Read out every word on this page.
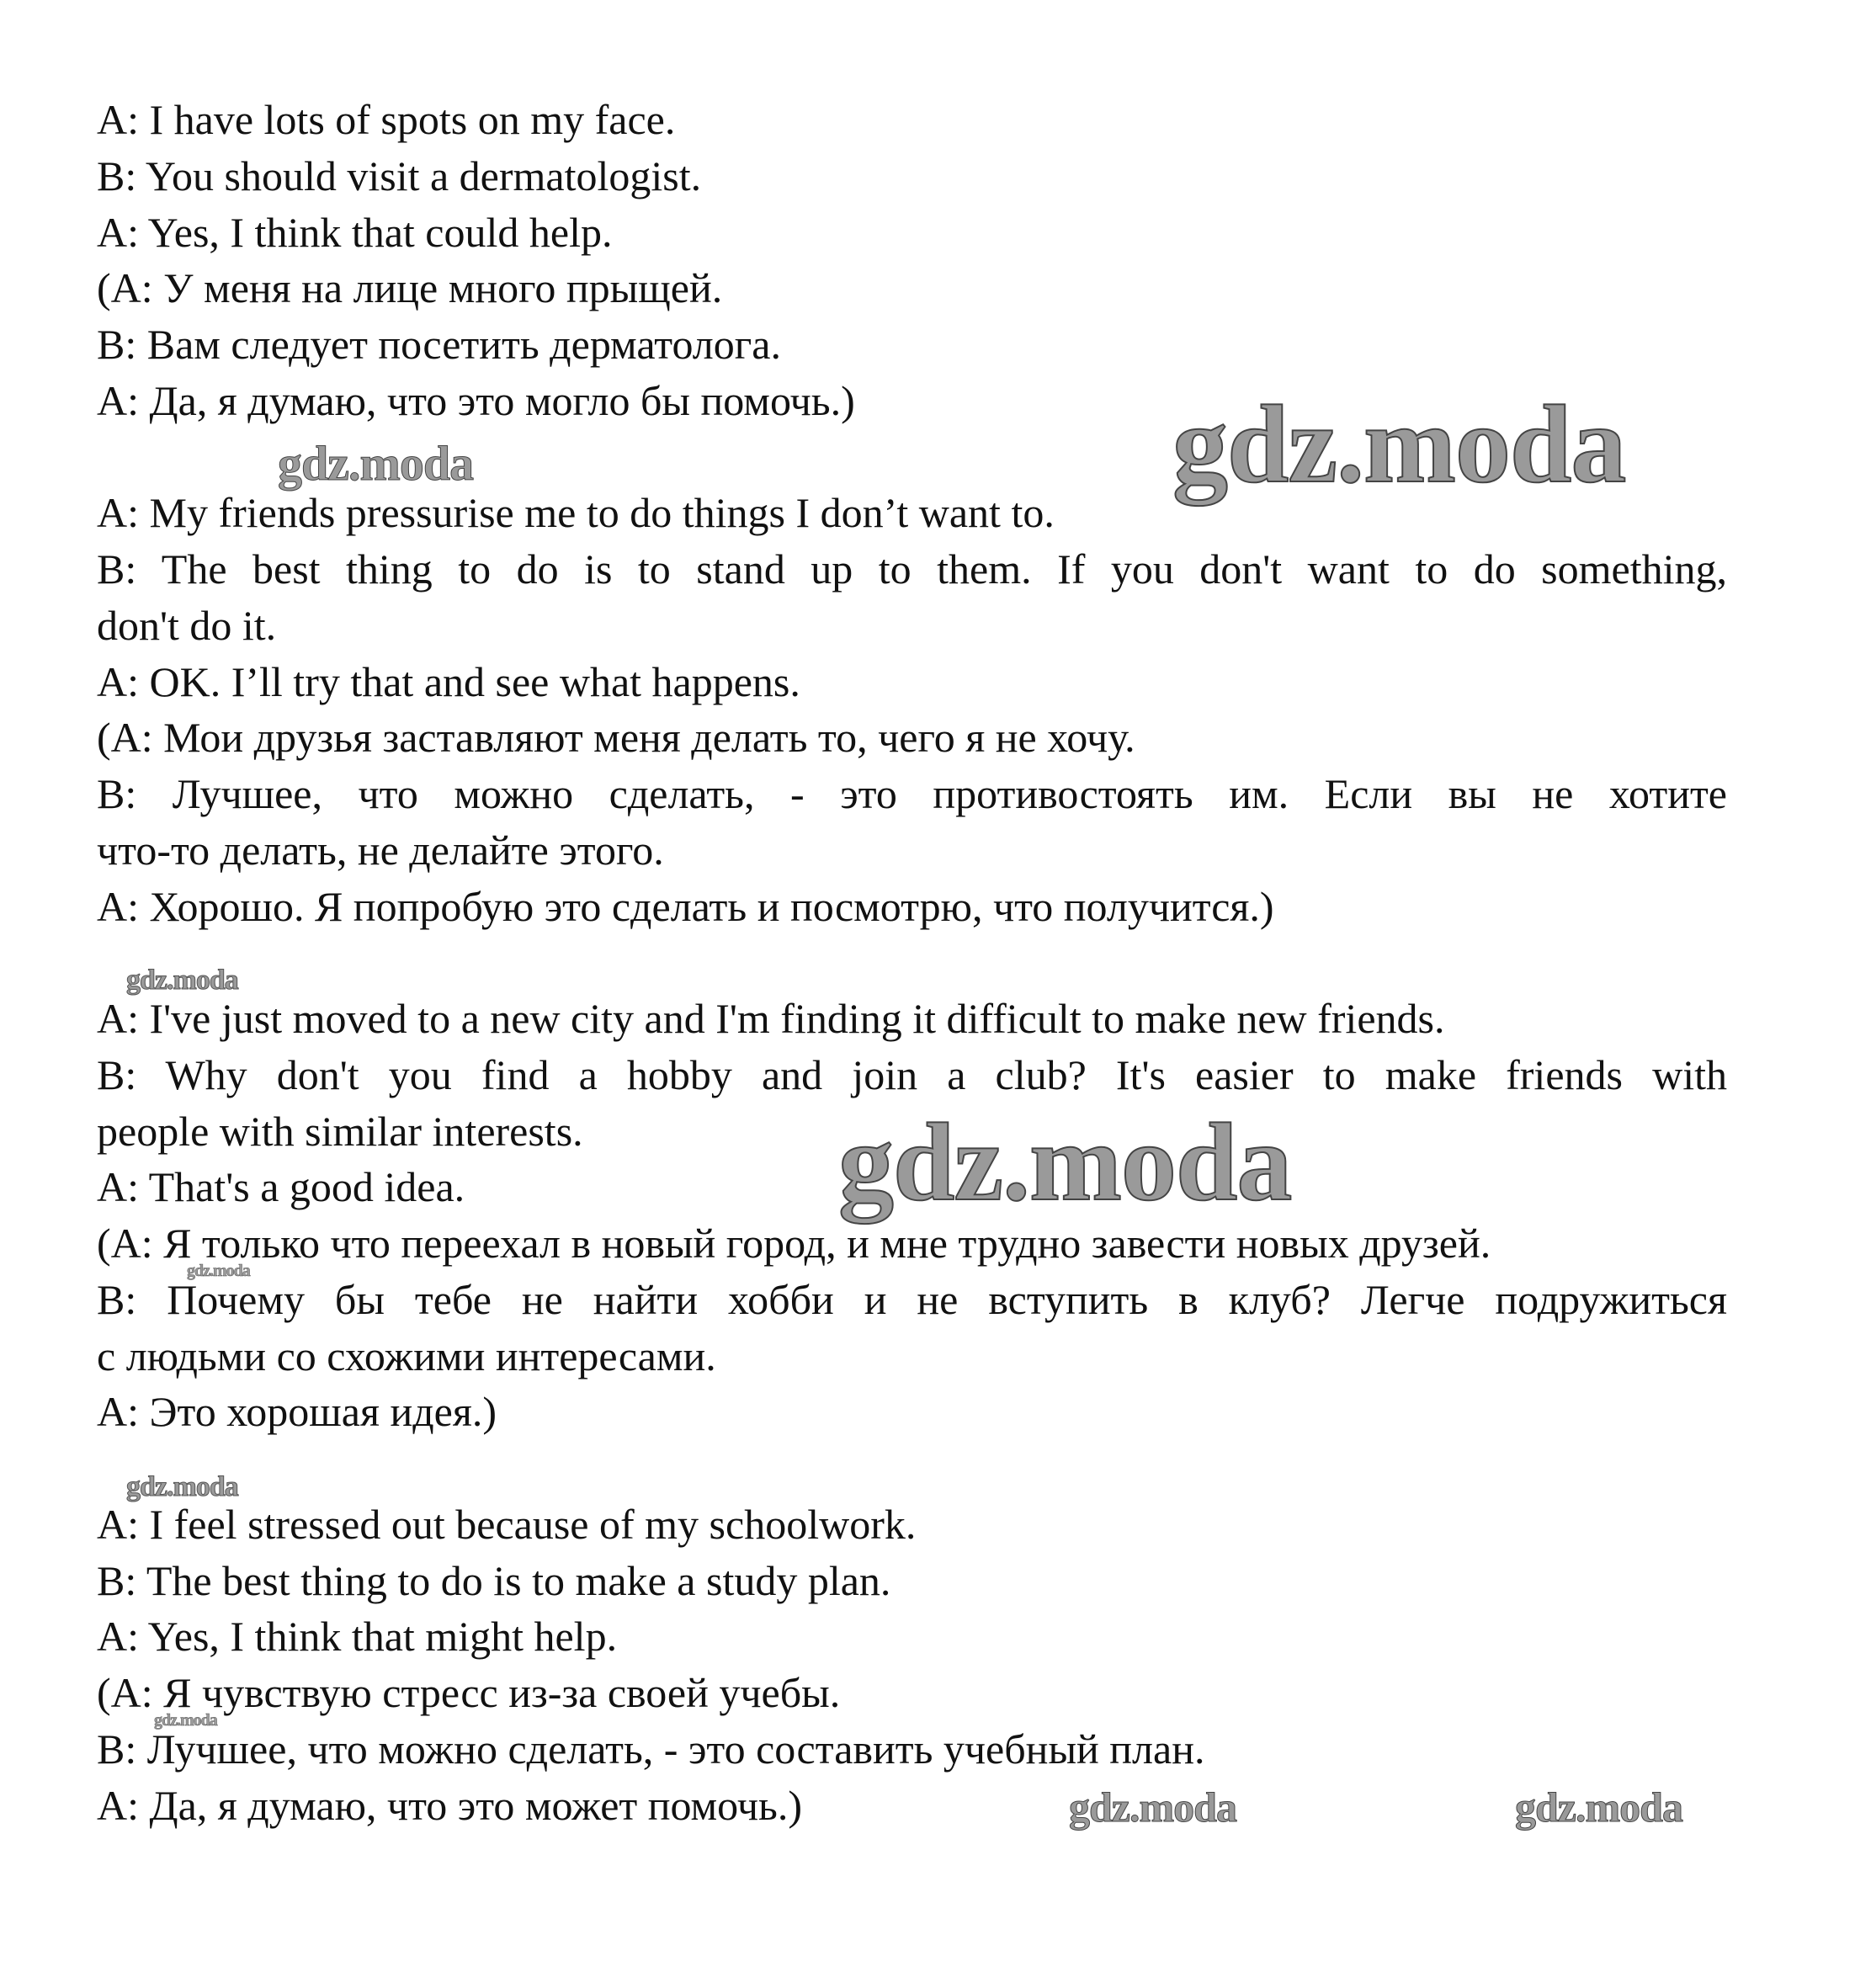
A: I have lots of spots on my face.
B: You should visit a dermatologist.
A: Yes, I think that could help.
(A: У меня на лице много прыщей.
B: Вам следует посетить дерматолога.
A: Да, я думаю, что это могло бы помочь.)
A: My friends pressurise me to do things I don’t want to.
B: The best thing to do is to stand up to them. If you don't want to do something,
don't do it.
A: OK. I’ll try that and see what happens.
(A: Мои друзья заставляют меня делать то, чего я не хочу.
B: Лучшее, что можно сделать, - это противостоять им. Если вы не хотите
что-то делать, не делайте этого.
A: Хорошо. Я попробую это сделать и посмотрю, что получится.)
A: I've just moved to a new city and I'm finding it difficult to make new friends.
B: Why don't you find a hobby and join a club? It's easier to make friends with
people with similar interests.
A: That's a good idea.
(A: Я только что переехал в новый город, и мне трудно завести новых друзей.
B: Почему бы тебе не найти хобби и не вступить в клуб? Легче подружиться
с людьми со схожими интересами.
A: Это хорошая идея.)
A: I feel stressed out because of my schoolwork.
B: The best thing to do is to make a study plan.
A: Yes, I think that might help.
(A: Я чувствую стресс из-за своей учебы.
B: Лучшее, что можно сделать, - это составить учебный план.
A: Да, я думаю, что это может помочь.)
gdz.moda
gdz.moda
gdz.moda
gdz.moda
gdz.moda
gdz.moda
gdz.moda
gdz.moda	gdz.moda
